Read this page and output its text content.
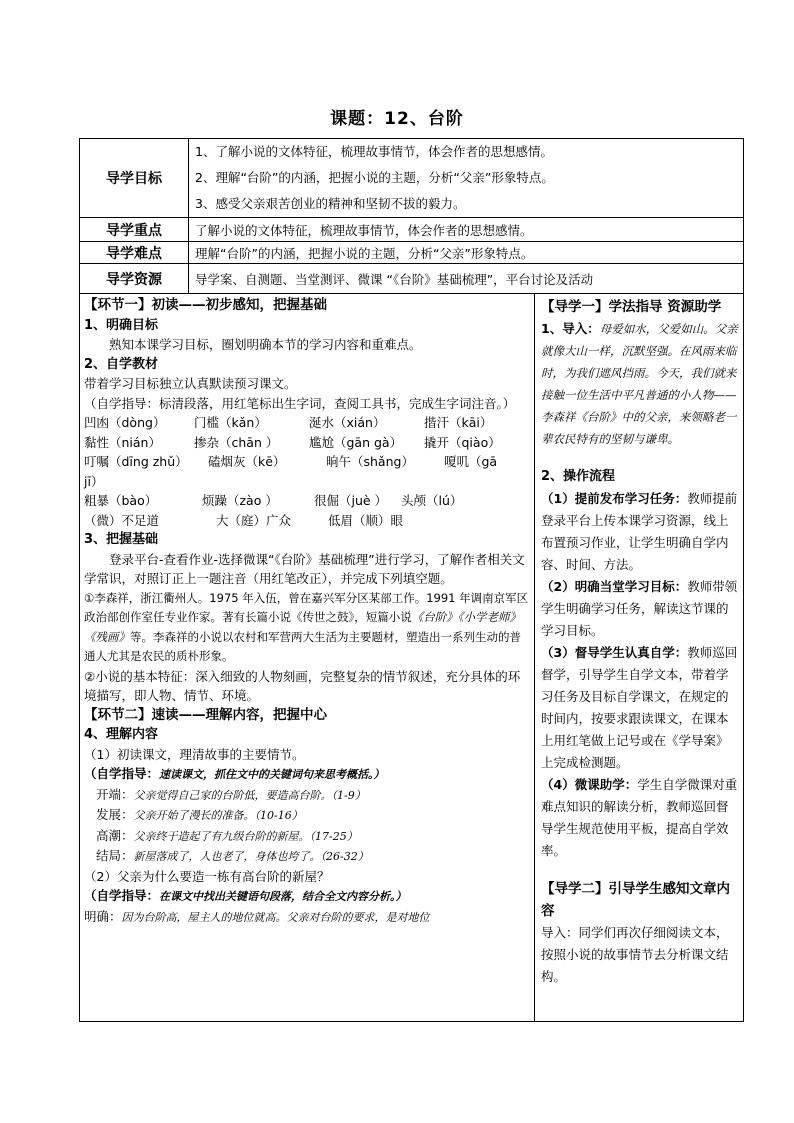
课题：12、台阶
导学目标	1、了解小说的文体特征，梳理故事情节，体会作者的思想感情。
2、理解“台阶”的内涵，把握小说的主题，分析“父亲”形象特点。
3、感受父亲艰苦创业的精神和坚韧不拔的毅力。

导学重点	了解小说的文体特征，梳理故事情节，体会作者的思想感情。
导学难点	理解“台阶”的内涵，把握小说的主题，分析“父亲”形象特点。
导学资源	导学案、自测题、当堂测评、微课 “《台阶》基础梳理”，平台讨论及活动
【环节一】初读——初步感知，把握基础
1、明确目标
熟知本课学习目标，圈划明确本节的学习内容和重难点。
2、自学教材
带着学习目标独立认真默读预习课文。
（自学指导：标清段落，用红笔标出生字词，查阅工具书，完成生字词注音。）
凹凼（dòng）	门槛（kǎn）	涎水（xián）	揩汗（kāi）
黏性（nián）	掺杂（chān ）	尴尬（gān gà）	撬开（qiào）
叮嘱（dīng zhǔ）	磕烟灰（kē）	晌午（shǎng）	嗄叽（gā
jī）
粗暴（bào）	烦躁（zào ）	很倔（juè ）	头颅（lú）
（微）不足道	大（庭）广众	低眉（顺）眼
3、把握基础
登录平台-查看作业-选择微课“《台阶》基础梳理”进行学习，了解作者相关文学常识，对照订正上一题注音（用红笔改正），并完成下列填空题。
①李森祥，浙江衢州人。1975 年入伍，曾在嘉兴军分区某部工作。1991 年调南京军区政治部创作室任专业作家。著有长篇小说《传世之鼓》，短篇小说《台阶》《小学老师》《残画》等。李森祥的小说以农村和军营两大生活为主要题材，塑造出一系列生动的普通人尤其是农民的质朴形象。
②小说的基本特征：深入细致的人物刻画，完整复杂的情节叙述，充分具体的环境描写，即人物、情节、环境。
【环节二】速读——理解内容，把握中心
4、理解内容
（1）初读课文，理清故事的主要情节。
（自学指导：速读课文，抓住文中的关键词句来思考概括。）
开端：父亲觉得自己家的台阶低，要造高台阶。（1-9）
发展：父亲开始了漫长的准备。（10-16）
高潮：父亲终于造起了有九级台阶的新屋。（17-25）
结局：新屋落成了，人也老了，身体也垮了。（26-32）
（2）父亲为什么要造一栋有高台阶的新屋？
（自学指导：在课文中找出关键语句段落，结合全文内容分析。）
明确：因为台阶高，屋主人的地位就高。父亲对台阶的要求，是对地位
【导学一】学法指导 资源助学
1、导入：母爱如水，父爱如山。父亲就像大山一样，沉默坚强。在风雨来临时，为我们遮风挡雨。今天，我们就来接触一位生活中平凡普通的小人物——李森祥《台阶》中的父亲，来领略老一辈农民特有的坚韧与谦卑。
2、操作流程
（1）提前发布学习任务：教师提前登录平台上传本课学习资源，线上布置预习作业，让学生明确自学内容、时间、方法。
（2）明确当堂学习目标：教师带领学生明确学习任务，解读这节课的学习目标。
（3）督导学生认真自学：教师巡回督学，引导学生自学文本，带着学习任务及目标自学课文，在规定的时间内，按要求跟读课文，在课本上用红笔做上记号或在《学导案》上完成检测题。
（4）微课助学：学生自学微课对重难点知识的解读分析，教师巡回督导学生规范使用平板，提高自学效率。
【导学二】引导学生感知文章内容
导入：同学们再次仔细阅读文本，按照小说的故事情节去分析课文结构。
